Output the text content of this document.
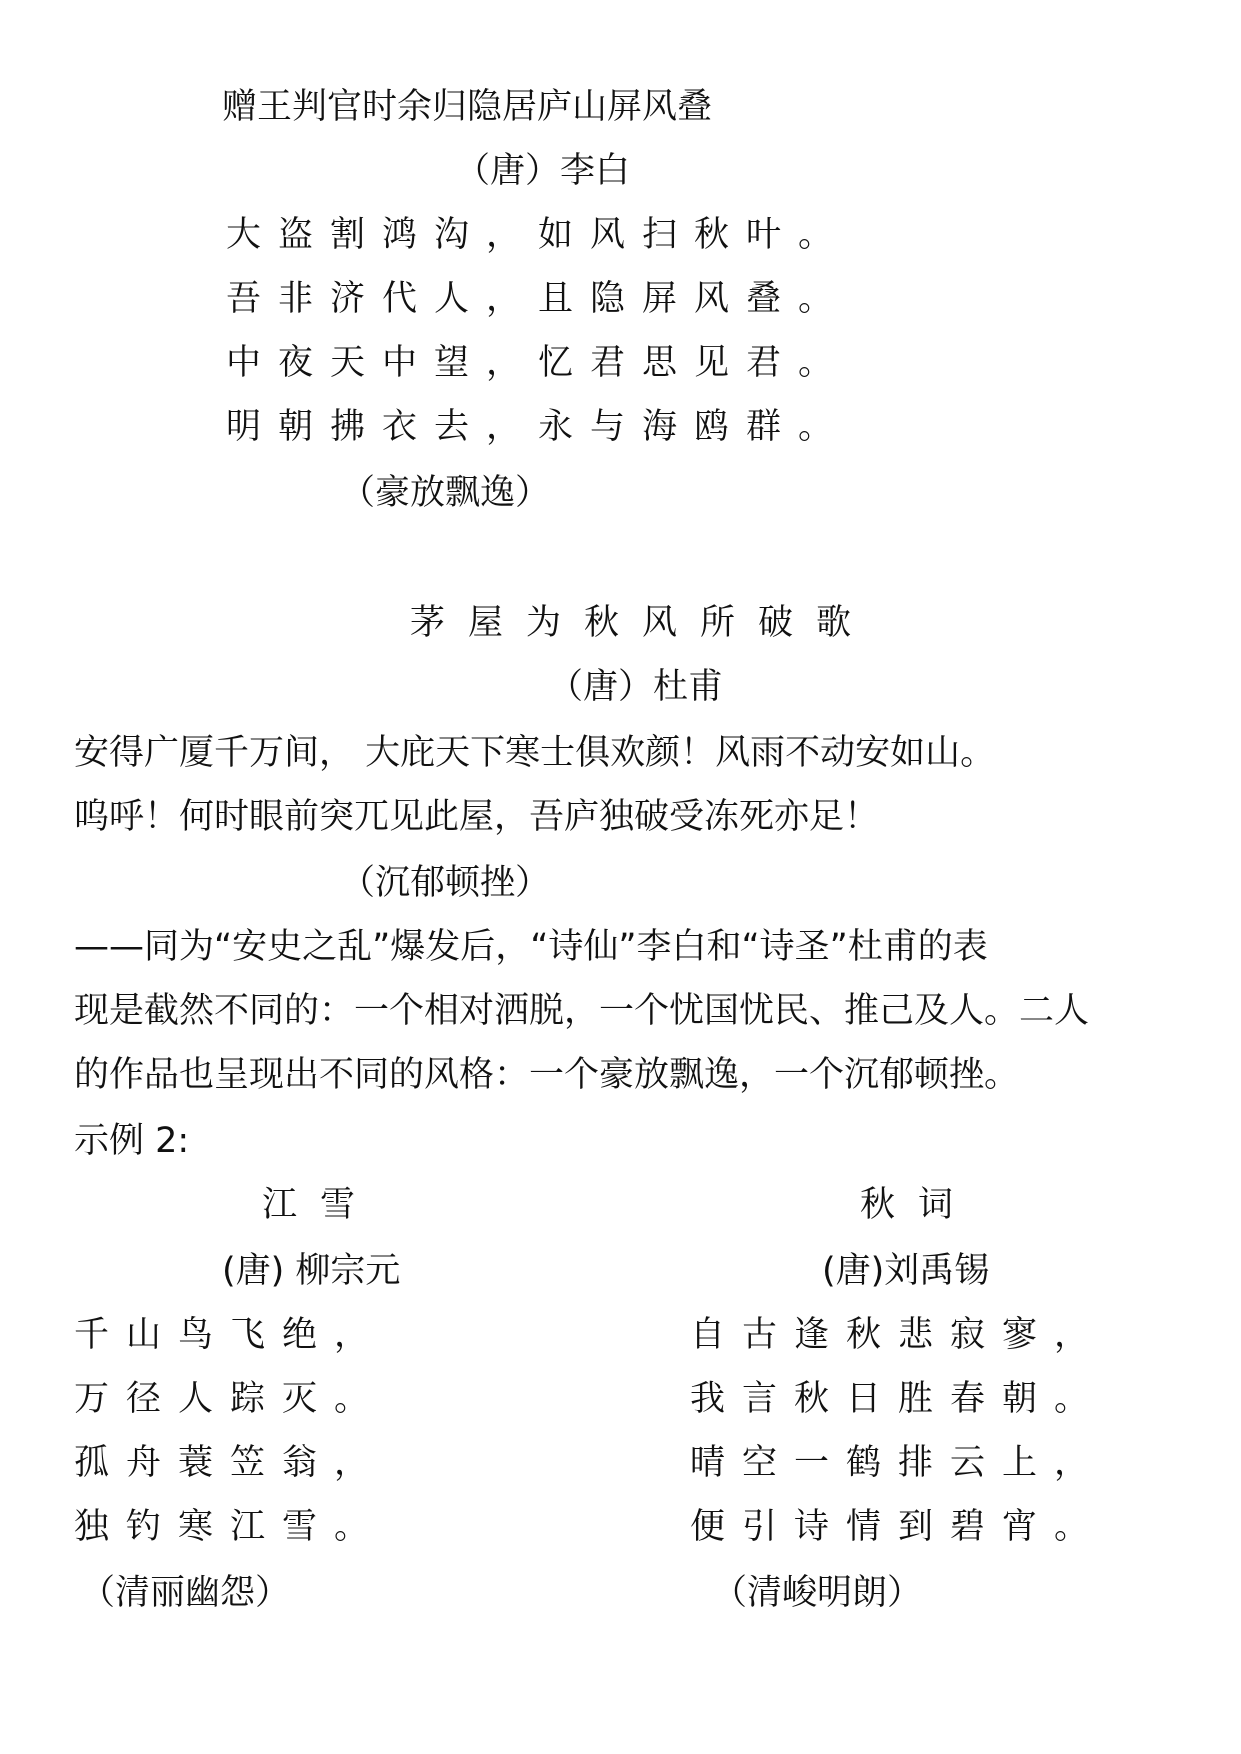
赠王判官时余归隐居庐山屏风叠
（唐）李白
大盗割鸿沟，如风扫秋叶。
吾非济代人，且隐屏风叠。
中夜天中望，忆君思见君。
明朝拂衣去，永与海鸥群。
（豪放飘逸）
茅屋为秋风所破歌
（唐）杜甫
安得广厦千万间， 大庇天下寒士俱欢颜！风雨不动安如山。
呜呼！何时眼前突兀见此屋，吾庐独破受冻死亦足！
（沉郁顿挫）
——同为“安史之乱”爆发后，“诗仙”李白和“诗圣”杜甫的表
现是截然不同的：一个相对洒脱，一个忧国忧民、推己及人。二人
的作品也呈现出不同的风格：一个豪放飘逸，一个沉郁顿挫。
示例 2:
江雪
(唐) 柳宗元
千山鸟飞绝，
万径人踪灭。
孤舟蓑笠翁，
独钓寒江雪。
（清丽幽怨）
秋词
(唐)刘禹锡
自古逢秋悲寂寥，
我言秋日胜春朝。
晴空一鹤排云上，
便引诗情到碧宵。
（清峻明朗）
